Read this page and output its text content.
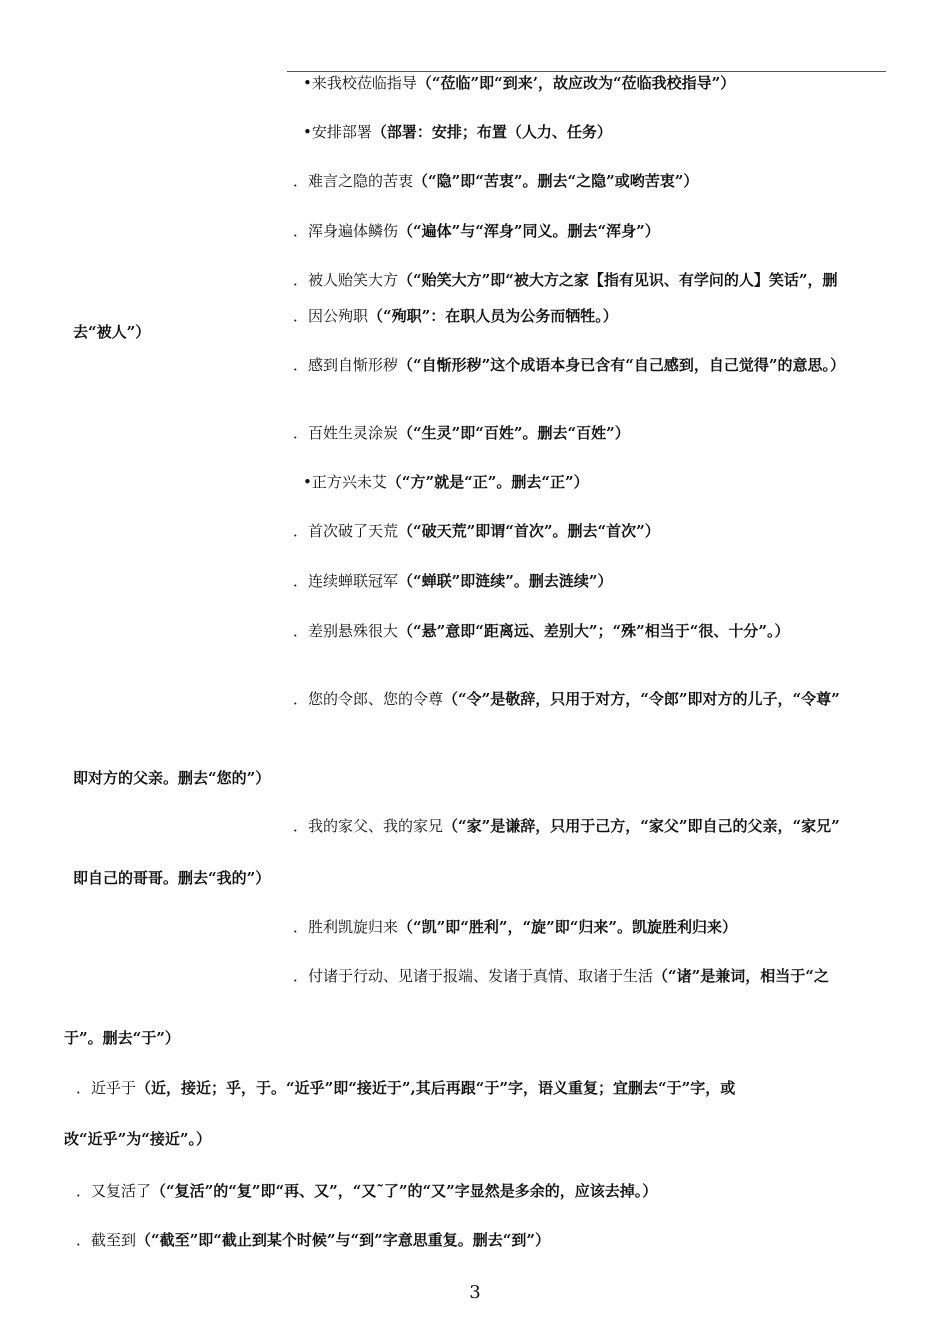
•来我校莅临指导（“莅临”即“到来’，故应改为“莅临我校指导”）
•安排部署（部署：安排；布置（人力、任务）
．难言之隐的苦衷（“隐”即“苦衷”。删去“之隐”或哟苦衷”）
．浑身遍体鳞伤（“遍体”与“浑身”同义。删去“浑身”）
．被人贻笑大方（“贻笑大方”即“被大方之家【指有见识、有学问的人】笑话”，删
．因公殉职（“殉职”：在职人员为公务而牺牲。）
．感到自惭形秽（“自惭形秽”这个成语本身已含有“自己感到，自己觉得”的意思。）
．百姓生灵涂炭（“生灵”即“百姓”。删去“百姓”）
•正方兴未艾（“方”就是“正”。删去“正”）
．首次破了天荒（“破天荒”即谓“首次”。删去“首次”）
．连续蝉联冠军（“蝉联”即涟续”。删去涟续”）
．差别悬殊很大（“悬”意即“距离远、差别大”；“殊”相当于“很、十分”。）
．您的令郎、您的令尊（“令”是敬辞，只用于对方，“令郎”即对方的儿子，“令尊”
．我的家父、我的家兄（“家”是谦辞，只用于己方，“家父”即自己的父亲，“家兄”
．胜利凯旋归来（“凯”即“胜利”，“旋”即“归来”。凯旋胜利归来）
．付诸于行动、见诸于报端、发诸于真情、取诸于生活（“诸”是兼词，相当于“之
于”。删去“于”）
．近乎于（近，接近；乎，于。“近乎”即“接近于”,其后再跟“于”字，语义重复；宜删去“于”字，或
改“近乎”为“接近”。）
．又复活了（“复活”的“复”即“再、又”，“又˜了”的“又”字显然是多余的，应该去掉。）
．截至到（“截至”即“截止到某个时候”与“到”字意思重复。删去“到”）
去“被人”）
即对方的父亲。删去“您的”）
即自己的哥哥。删去“我的”）
3
